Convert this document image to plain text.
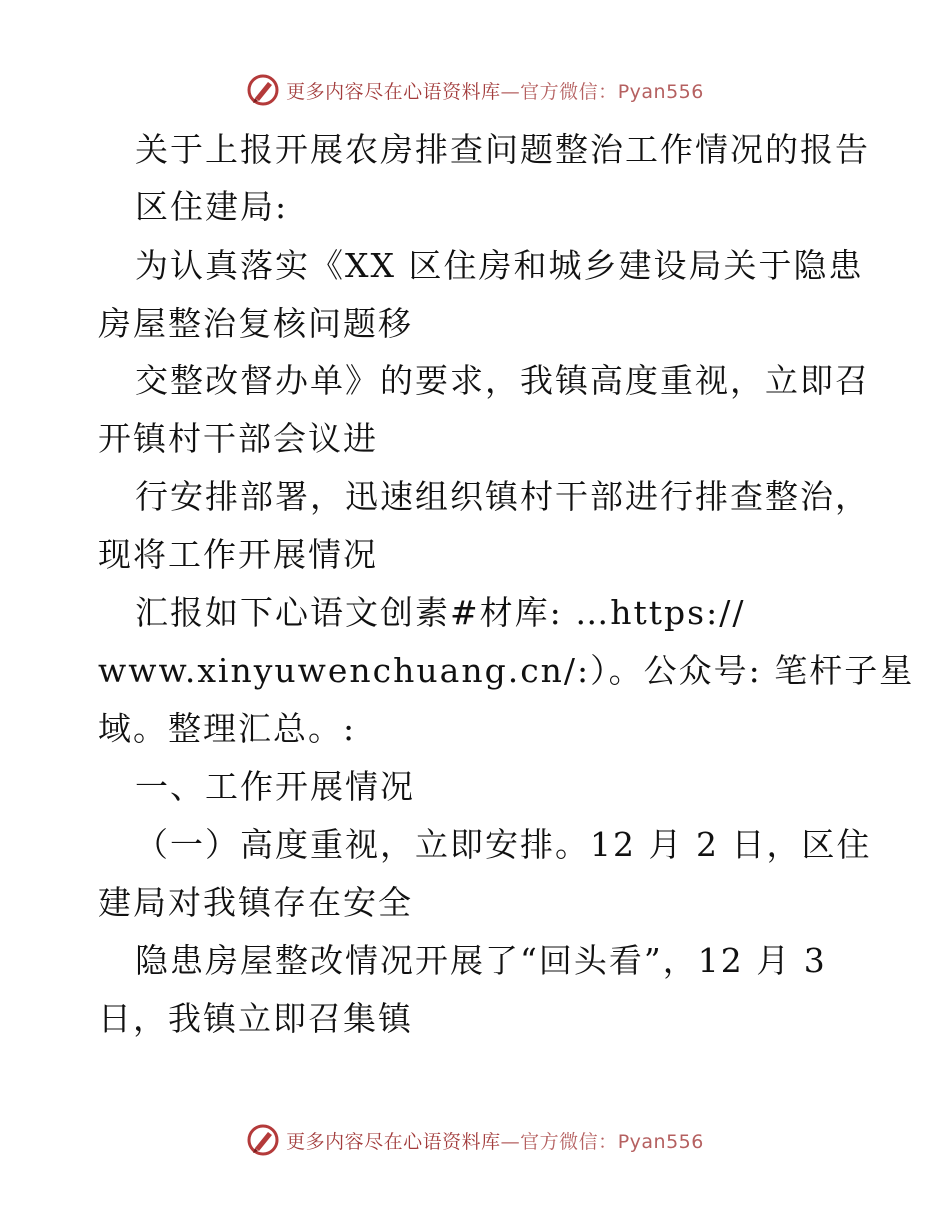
更多内容尽在心语资料库—官方微信：Pyan556
关于上报开展农房排查问题整治工作情况的报告
区住建局:
为认真落实《XX 区住房和城乡建设局关于隐患
房屋整治复核问题移
交整改督办单》的要求，我镇高度重视，立即召
开镇村干部会议进
行安排部署，迅速组织镇村干部进行排查整治，
现将工作开展情况
汇报如下心语文创素#材库: …https://
www.xinyuwenchuang.cn/:）。公众号: 笔杆子星
域。整理汇总。:
一、工作开展情况
（一）高度重视，立即安排。12 月 2 日，区住
建局对我镇存在安全
隐患房屋整改情况开展了“回头看”，12 月 3
日，我镇立即召集镇
更多内容尽在心语资料库—官方微信：Pyan556
